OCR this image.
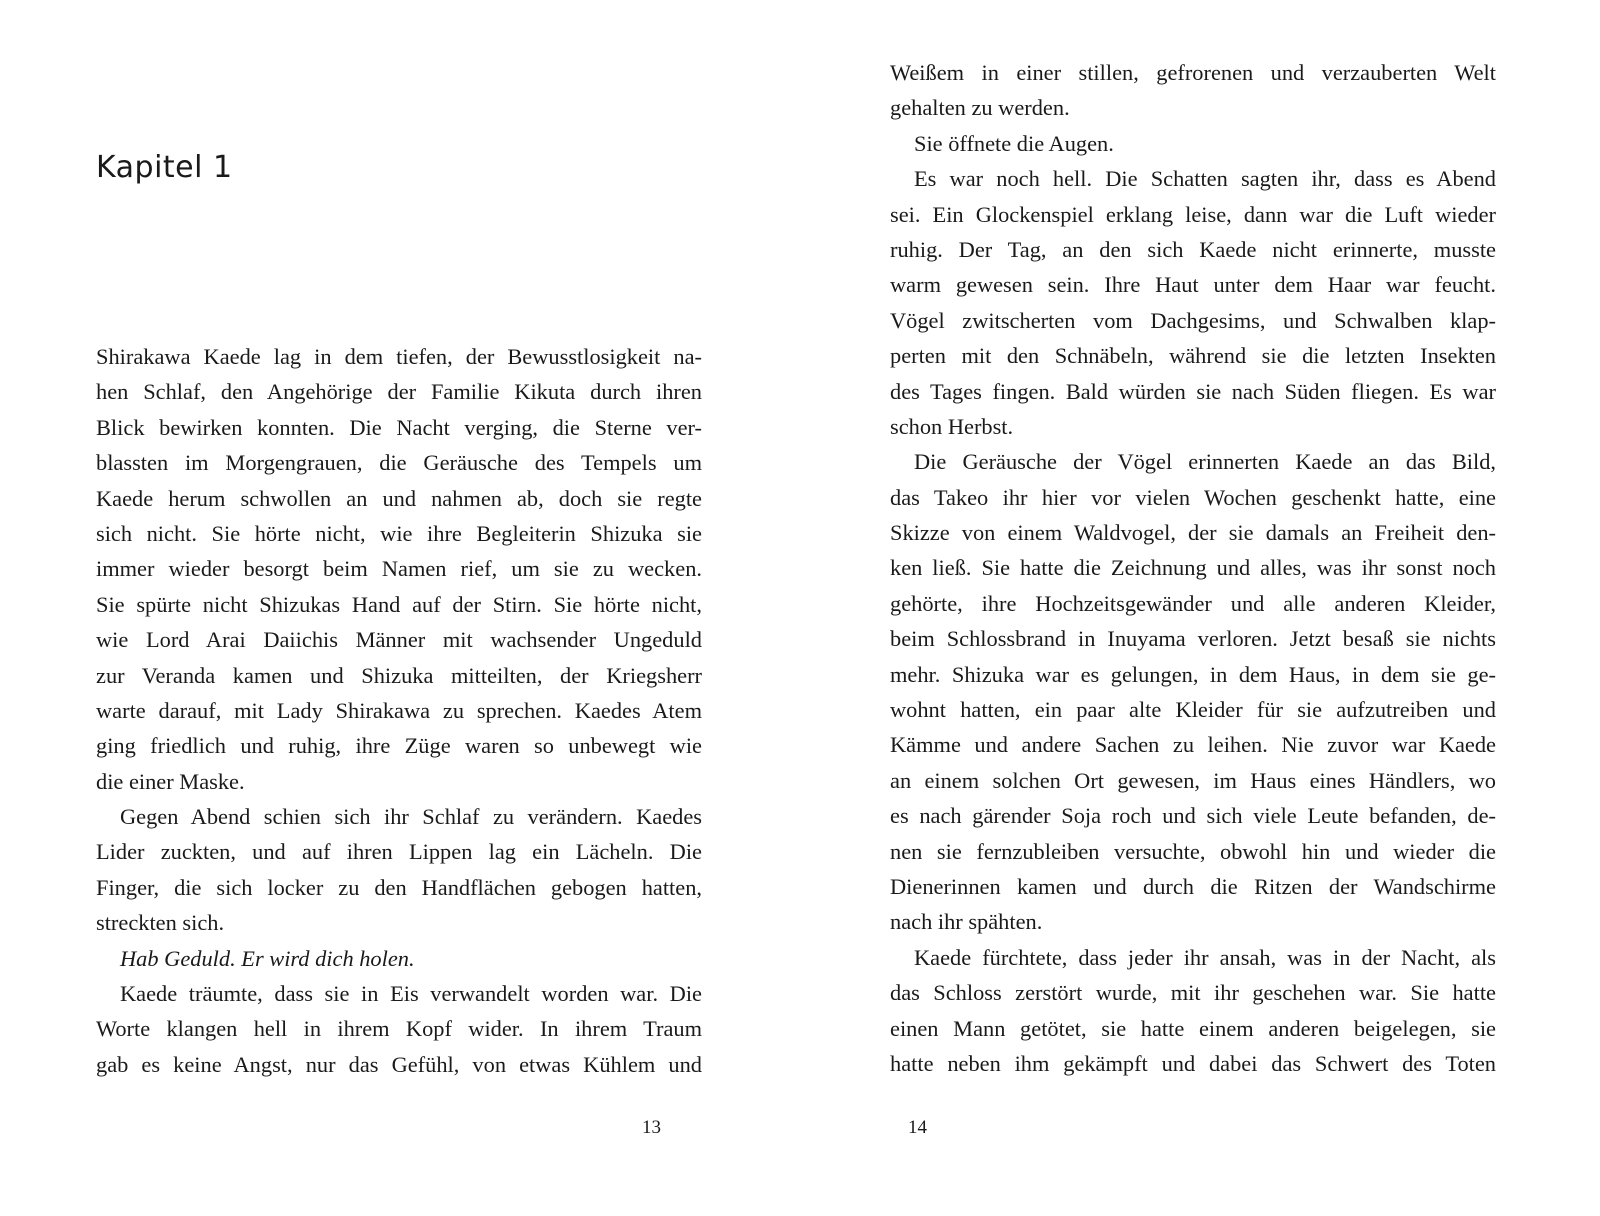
Kapitel 1
Shirakawa Kaede lag in dem tiefen, der Bewusstlosigkeit na-
hen Schlaf, den Angehörige der Familie Kikuta durch ihren
Blick bewirken konnten. Die Nacht verging, die Sterne ver-
blassten im Morgengrauen, die Geräusche des Tempels um
Kaede herum schwollen an und nahmen ab, doch sie regte
sich nicht. Sie hörte nicht, wie ihre Begleiterin Shizuka sie
immer wieder besorgt beim Namen rief, um sie zu wecken.
Sie spürte nicht Shizukas Hand auf der Stirn. Sie hörte nicht,
wie Lord Arai Daiichis Männer mit wachsender Ungeduld
zur Veranda kamen und Shizuka mitteilten, der Kriegsherr
warte darauf, mit Lady Shirakawa zu sprechen. Kaedes Atem
ging friedlich und ruhig, ihre Züge waren so unbewegt wie
die einer Maske.
Gegen Abend schien sich ihr Schlaf zu verändern. Kaedes
Lider zuckten, und auf ihren Lippen lag ein Lächeln. Die
Finger, die sich locker zu den Handflächen gebogen hatten,
streckten sich.
Hab Geduld. Er wird dich holen.
Kaede träumte, dass sie in Eis verwandelt worden war. Die
Worte klangen hell in ihrem Kopf wider. In ihrem Traum
gab es keine Angst, nur das Gefühl, von etwas Kühlem und
13
Weißem in einer stillen, gefrorenen und verzauberten Welt
gehalten zu werden.
Sie öffnete die Augen.
Es war noch hell. Die Schatten sagten ihr, dass es Abend
sei. Ein Glockenspiel erklang leise, dann war die Luft wieder
ruhig. Der Tag, an den sich Kaede nicht erinnerte, musste
warm gewesen sein. Ihre Haut unter dem Haar war feucht.
Vögel zwitscherten vom Dachgesims, und Schwalben klap-
perten mit den Schnäbeln, während sie die letzten Insekten
des Tages fingen. Bald würden sie nach Süden fliegen. Es war
schon Herbst.
Die Geräusche der Vögel erinnerten Kaede an das Bild,
das Takeo ihr hier vor vielen Wochen geschenkt hatte, eine
Skizze von einem Waldvogel, der sie damals an Freiheit den-
ken ließ. Sie hatte die Zeichnung und alles, was ihr sonst noch
gehörte, ihre Hochzeitsgewänder und alle anderen Kleider,
beim Schlossbrand in Inuyama verloren. Jetzt besaß sie nichts
mehr. Shizuka war es gelungen, in dem Haus, in dem sie ge-
wohnt hatten, ein paar alte Kleider für sie aufzutreiben und
Kämme und andere Sachen zu leihen. Nie zuvor war Kaede
an einem solchen Ort gewesen, im Haus eines Händlers, wo
es nach gärender Soja roch und sich viele Leute befanden, de-
nen sie fernzubleiben versuchte, obwohl hin und wieder die
Dienerinnen kamen und durch die Ritzen der Wandschirme
nach ihr spähten.
Kaede fürchtete, dass jeder ihr ansah, was in der Nacht, als
das Schloss zerstört wurde, mit ihr geschehen war. Sie hatte
einen Mann getötet, sie hatte einem anderen beigelegen, sie
hatte neben ihm gekämpft und dabei das Schwert des Toten
14
